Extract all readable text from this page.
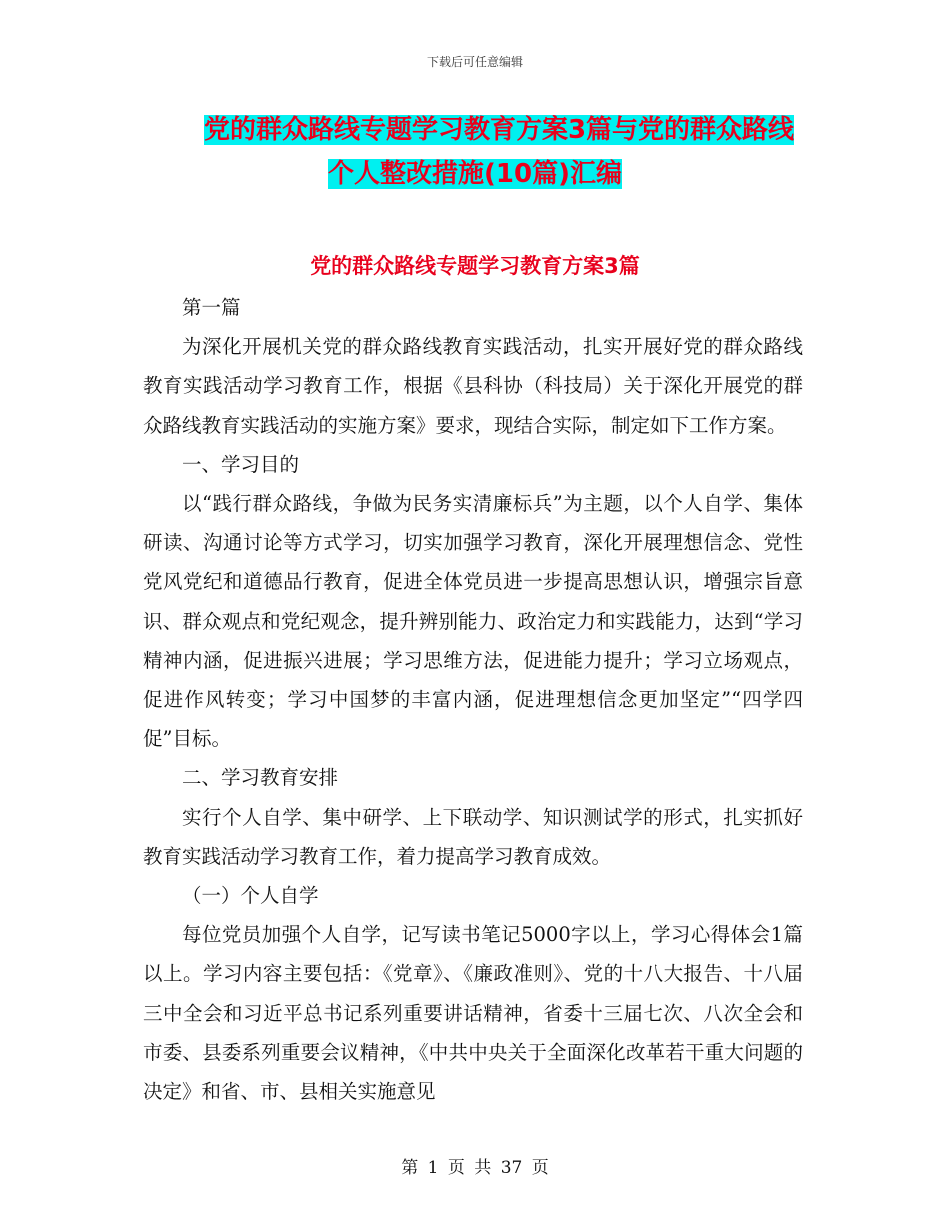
下载后可任意编辑
党的群众路线专题学习教育方案3篇与党的群众路线
个人整改措施(10篇)汇编
党的群众路线专题学习教育方案3篇

第一篇

为深化开展机关党的群众路线教育实践活动，扎实开展好党的群众路线教育实践活动学习教育工作，根据《县科协（科技局）关于深化开展党的群众路线教育实践活动的实施方案》要求，现结合实际，制定如下工作方案。

一、学习目的

以“践行群众路线，争做为民务实清廉标兵”为主题，以个人自学、集体研读、沟通讨论等方式学习，切实加强学习教育，深化开展理想信念、党性党风党纪和道德品行教育，促进全体党员进一步提高思想认识，增强宗旨意识、群众观点和党纪观念，提升辨别能力、政治定力和实践能力，达到“学习精神内涵，促进振兴进展；学习思维方法，促进能力提升；学习立场观点，促进作风转变；学习中国梦的丰富内涵，促进理想信念更加坚定”“四学四促”目标。

二、学习教育安排

实行个人自学、集中研学、上下联动学、知识测试学的形式，扎实抓好教育实践活动学习教育工作，着力提高学习教育成效。

（一）个人自学

每位党员加强个人自学，记写读书笔记5000字以上，学习心得体会1篇以上。学习内容主要包括：《党章》、《廉政准则》、党的十八大报告、十八届三中全会和习近平总书记系列重要讲话精神，省委十三届七次、八次全会和市委、县委系列重要会议精神，《中共中央关于全面深化改革若干重大问题的决定》和省、市、县相关实施意见

第 1 页 共 37 页
